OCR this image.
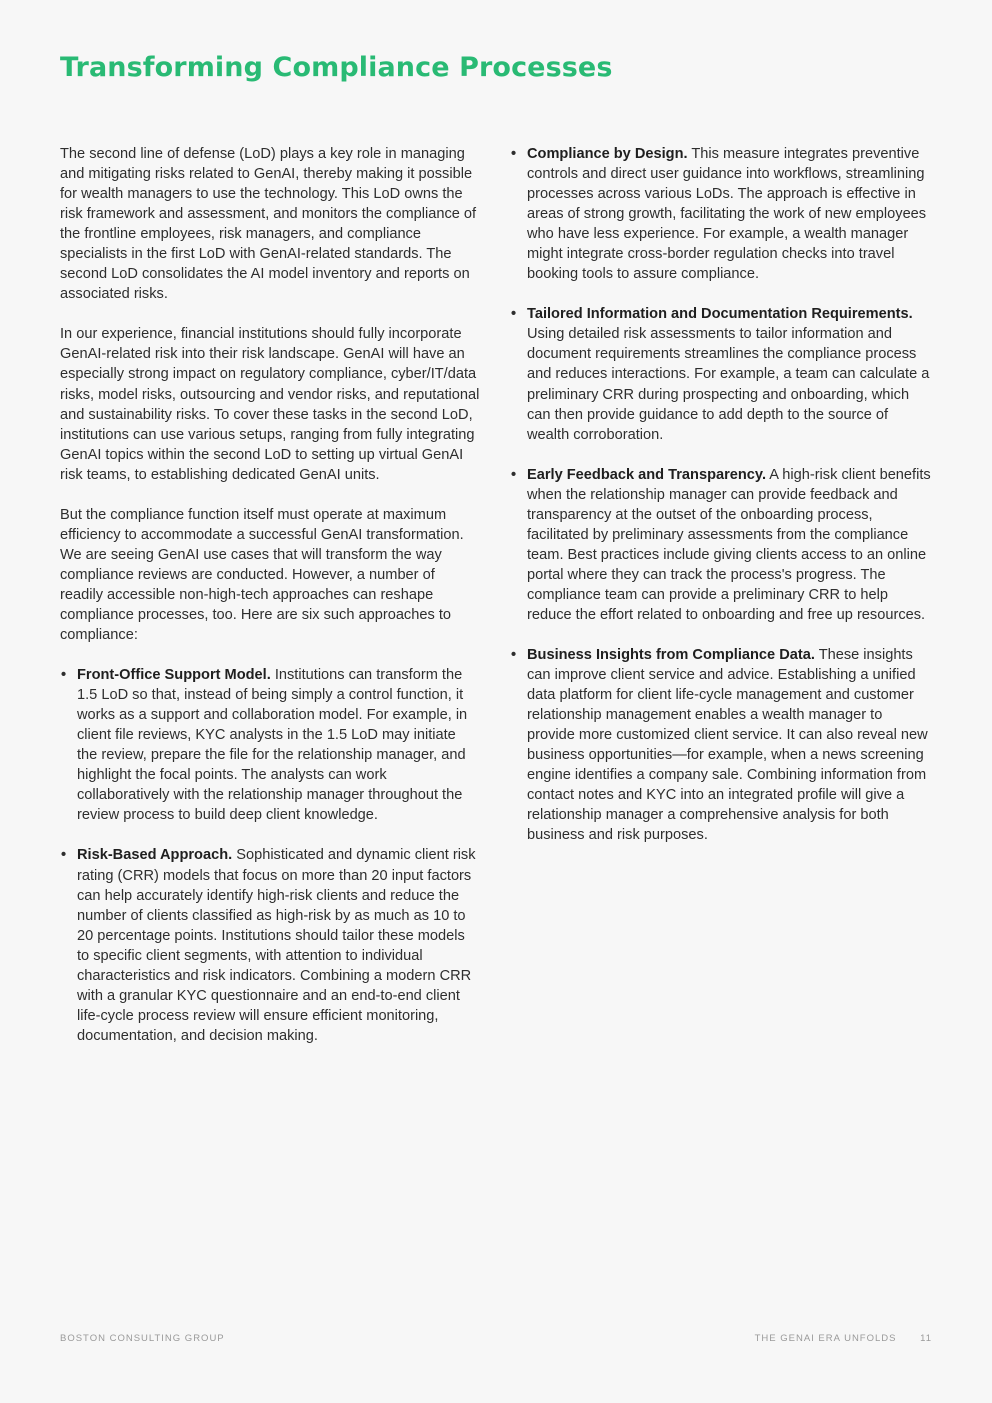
Transforming Compliance Processes

The second line of defense (LoD) plays a key role in managing and mitigating risks related to GenAI, thereby making it possible for wealth managers to use the technology. This LoD owns the risk framework and assessment, and monitors the compliance of the frontline employees, risk managers, and compliance specialists in the first LoD with GenAI-related standards. The second LoD consolidates the AI model inventory and reports on associated risks.

In our experience, financial institutions should fully incorporate GenAI-related risk into their risk landscape. GenAI will have an especially strong impact on regulatory compliance, cyber/IT/data risks, model risks, outsourcing and vendor risks, and reputational and sustainability risks. To cover these tasks in the second LoD, institutions can use various setups, ranging from fully integrating GenAI topics within the second LoD to setting up virtual GenAI risk teams, to establishing dedicated GenAI units.

But the compliance function itself must operate at maximum efficiency to accommodate a successful GenAI transformation. We are seeing GenAI use cases that will transform the way compliance reviews are conducted. However, a number of readily accessible non-high-tech approaches can reshape compliance processes, too. Here are six such approaches to compliance:

• Front-Office Support Model. Institutions can transform the 1.5 LoD so that, instead of being simply a control function, it works as a support and collaboration model. For example, in client file reviews, KYC analysts in the 1.5 LoD may initiate the review, prepare the file for the relationship manager, and highlight the focal points. The analysts can work collaboratively with the relationship manager throughout the review process to build deep client knowledge.
• Risk-Based Approach. Sophisticated and dynamic client risk rating (CRR) models that focus on more than 20 input factors can help accurately identify high-risk clients and reduce the number of clients classified as high-risk by as much as 10 to 20 percentage points. Institutions should tailor these models to specific client segments, with attention to individual characteristics and risk indicators. Combining a modern CRR with a granular KYC questionnaire and an end-to-end client life-cycle process review will ensure efficient monitoring, documentation, and decision making.
• Compliance by Design. This measure integrates preventive controls and direct user guidance into workflows, streamlining processes across various LoDs. The approach is effective in areas of strong growth, facilitating the work of new employees who have less experience. For example, a wealth manager might integrate cross-border regulation checks into travel booking tools to assure compliance.
• Tailored Information and Documentation Requirements. Using detailed risk assessments to tailor information and document requirements streamlines the compliance process and reduces interactions. For example, a team can calculate a preliminary CRR during prospecting and onboarding, which can then provide guidance to add depth to the source of wealth corroboration.
• Early Feedback and Transparency. A high-risk client benefits when the relationship manager can provide feedback and transparency at the outset of the onboarding process, facilitated by preliminary assessments from the compliance team. Best practices include giving clients access to an online portal where they can track the process's progress. The compliance team can provide a preliminary CRR to help reduce the effort related to onboarding and free up resources.
• Business Insights from Compliance Data. These insights can improve client service and advice. Establishing a unified data platform for client life-cycle management and customer relationship management enables a wealth manager to provide more customized client service. It can also reveal new business opportunities—for example, when a news screening engine identifies a company sale. Combining information from contact notes and KYC into an integrated profile will give a relationship manager a comprehensive analysis for both business and risk purposes.
BOSTON CONSULTING GROUP	THE GENAI ERA UNFOLDS 11
